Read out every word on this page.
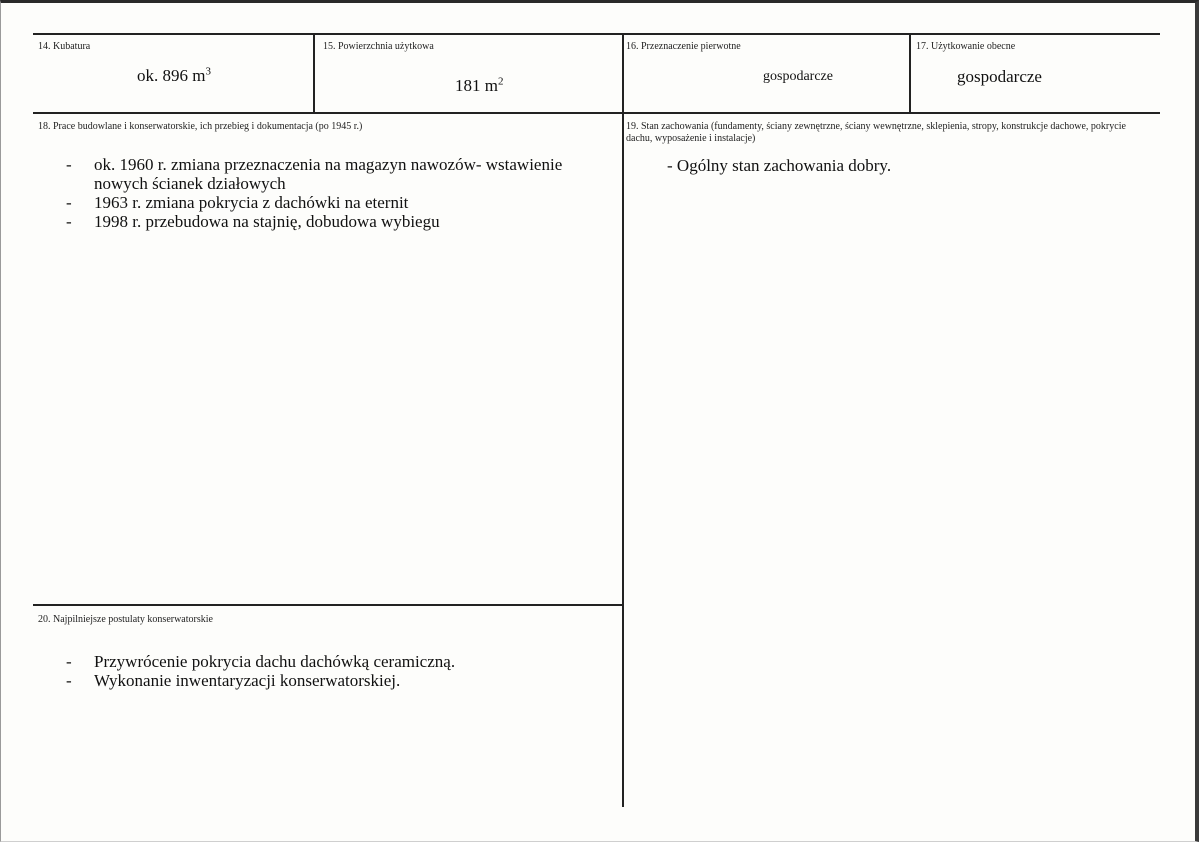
14. Kubatura
ok. 896 $m^3$
15. Powierzchnia użytkowa
181 $m^2$
16. Przeznaczenie pierwotne
gospodarcze
17. Użytkowanie obecne
gospodarcze
18. Prace budowlane i konserwatorskie, ich przebieg i dokumentacja (po 1945 r.)
- ok. 1960 r. zmiana przeznaczenia na magazyn nawozów- wstawienie nowych ścianek działowych
- 1963 r. zmiana pokrycia z dachówki na eternit
- 1998 r. przebudowa na stajnię, dobudowa wybiegu
19. Stan zachowania (fundamenty, ściany zewnętrzne, ściany wewnętrzne, sklepienia, stropy, konstrukcje dachowe, pokrycie dachu, wyposażenie i instalacje)
- Ogólny stan zachowania dobry.
20. Najpilniejsze postulaty konserwatorskie
- Przywrócenie pokrycia dachu dachówką ceramiczną.
- Wykonanie inwentaryzacji konserwatorskiej.
